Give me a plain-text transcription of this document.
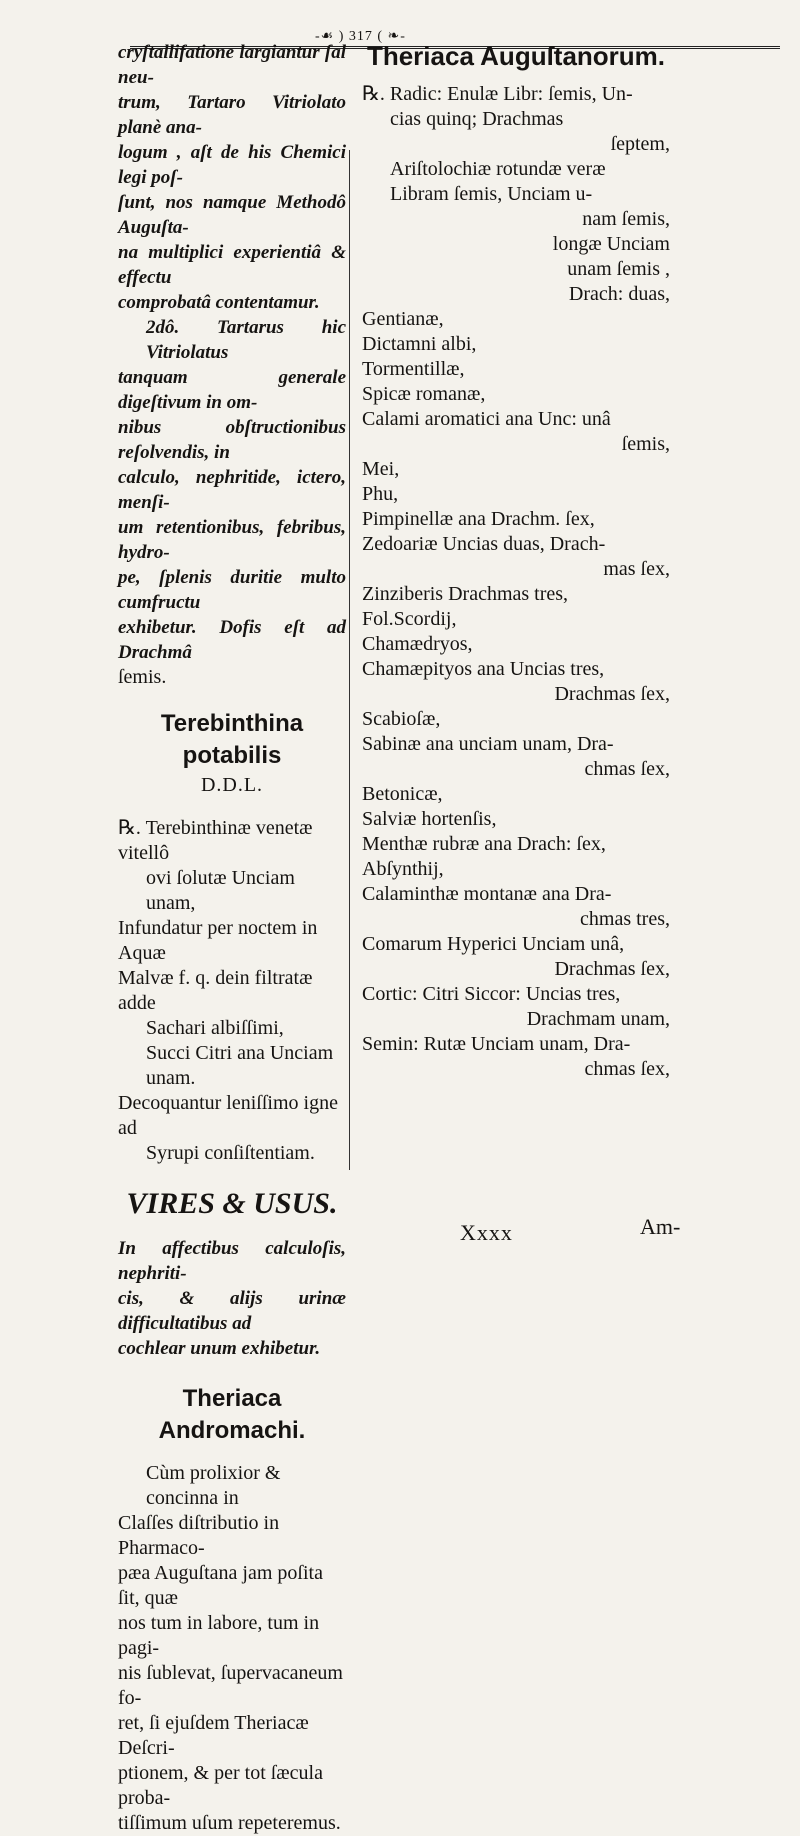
-☙ ) 317 ( ❧-

cryſtallifatione largiantur ſal neu-

trum, Tartaro Vitriolato planè ana-

logum , aſt de his Chemici legi poſ-

ſunt, nos namque Methodô Auguſta-

na multiplici experientiâ & effectu

comprobatâ contentamur.

2dô. Tartarus hic Vitriolatus

tanquam generale digeſtivum in om-

nibus obſtructionibus reſolvendis, in

calculo, nephritide, ictero, menſi-

um retentionibus, febribus, hydro-

pe, ſplenis duritie multo cumfructu

exhibetur. Dofis eſt ad Drachmâ

ſemis.

Terebinthina potabilis

D.D.L.

℞. Terebinthinæ venetæ vitellô

ovi ſolutæ Unciam unam,

Infundatur per noctem in Aquæ

Malvæ f. q. dein filtratæ adde

Sachari albiſſimi,

Succi Citri ana Unciam unam.

Decoquantur leniſſimo igne ad

Syrupi conſiſtentiam.

VIRES & USUS.

In affectibus calculoſis, nephriti-

cis, & alijs urinæ difficultatibus ad

cochlear unum exhibetur.

Theriaca Andromachi.

Cùm prolixior & concinna in

Claſſes diſtributio in Pharmaco-

pæa Auguſtana jam poſita ſit, quæ

nos tum in labore, tum in pagi-

nis ſublevat, ſupervacaneum fo-

ret, ſi ejuſdem Theriacæ Deſcri-

ptionem, & per tot ſæcula proba-

tiſſimum uſum repeteremus.

Theriaca Auguſtanorum.

℞. Radic: Enulæ Libr: ſemis, Un-

cias quinq; Drachmas

ſeptem,

Ariſtolochiæ rotundæ veræ

Libram ſemis, Unciam u-

nam ſemis,

longæ Unciam

unam ſemis ,

Drach: duas,

Gentianæ,

Dictamni albi,

Tormentillæ,

Spicæ romanæ,

Calami aromatici ana Unc: unâ

ſemis,

Mei,

Phu,

Pimpinellæ ana Drachm. ſex,

Zedoariæ Uncias duas, Drach-

mas ſex,

Zinziberis Drachmas tres,

Fol.Scordij,

Chamædryos,

Chamæpityos ana Uncias tres,

Drachmas ſex,

Scabioſæ,

Sabinæ ana unciam unam, Dra-

chmas ſex,

Betonicæ,

Salviæ hortenſis,

Menthæ rubræ ana Drach: ſex,

Abſynthij,

Calaminthæ montanæ ana Dra-

chmas tres,

Comarum Hyperici Unciam unâ,

Drachmas ſex,

Cortic: Citri Siccor: Uncias tres,

Drachmam unam,

Semin: Rutæ Unciam unam, Dra-

chmas ſex,

Xxxx	Am-
